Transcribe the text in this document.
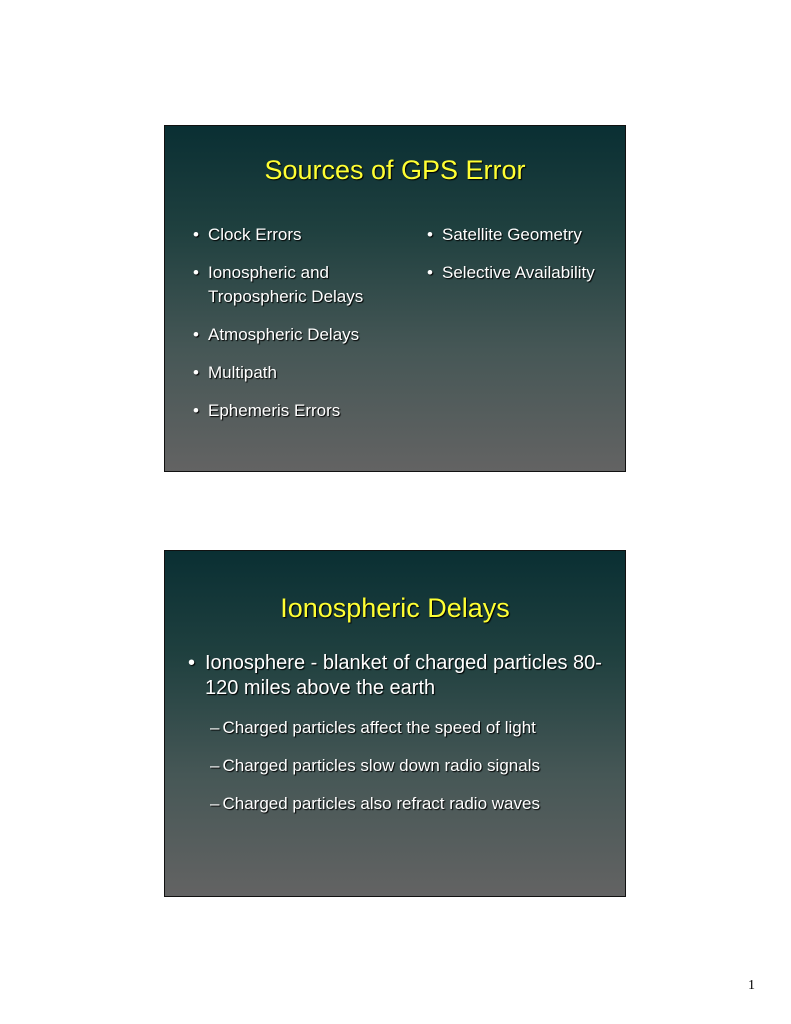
Sources of GPS Error
• Clock Errors
• Ionospheric and Tropospheric Delays
• Atmospheric Delays
• Multipath
• Ephemeris Errors
• Satellite Geometry
• Selective Availability
Ionospheric Delays
• Ionosphere - blanket of charged particles 80-120 miles above the earth
– Charged particles affect the speed of light
– Charged particles slow down radio signals
– Charged particles also refract radio waves
1
